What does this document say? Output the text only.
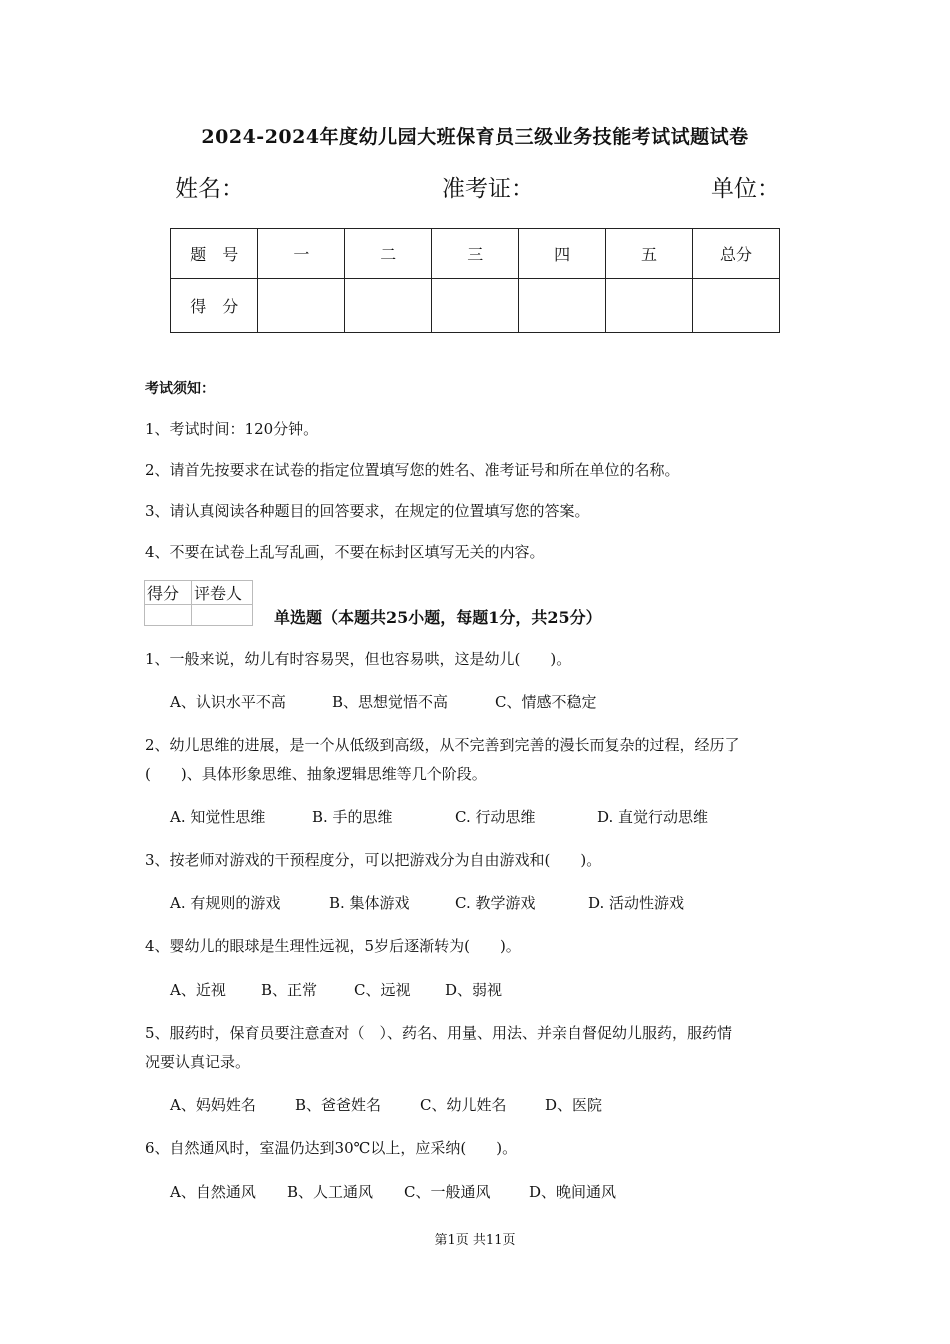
2024-2024年度幼儿园大班保育员三级业务技能考试试题试卷
姓名：	准考证：	单位：
题　号	一	二	三	四	五	总分
得　分						
考试须知：
1、考试时间：120分钟。
2、请首先按要求在试卷的指定位置填写您的姓名、准考证号和所在单位的名称。
3、请认真阅读各种题目的回答要求，在规定的位置填写您的答案。
4、不要在试卷上乱写乱画，不要在标封区填写无关的内容。
得分	评卷人

单选题（本题共25小题，每题1分，共25分）
1、一般来说，幼儿有时容易哭，但也容易哄，这是幼儿(　　)。
A、认识水平不高	B、思想觉悟不高	C、情感不稳定
2、幼儿思维的进展，是一个从低级到高级，从不完善到完善的漫长而复杂的过程，经历了
(　　)、具体形象思维、抽象逻辑思维等几个阶段。
A. 知觉性思维	B. 手的思维	C. 行动思维	D. 直觉行动思维
3、按老师对游戏的干预程度分，可以把游戏分为自由游戏和(　　)。
A. 有规则的游戏	B. 集体游戏	C. 教学游戏	D. 活动性游戏
4、婴幼儿的眼球是生理性远视，5岁后逐渐转为(　　)。
A、近视 B、正常 C、远视 D、弱视
5、服药时，保育员要注意查对（　）、药名、用量、用法、并亲自督促幼儿服药，服药情
况要认真记录。
A、妈妈姓名	B、爸爸姓名	C、幼儿姓名	D、医院
6、自然通风时，室温仍达到30℃以上，应采纳(　　)。
A、自然通风 B、人工通风 C、一般通风	D、晚间通风
第1页 共11页
